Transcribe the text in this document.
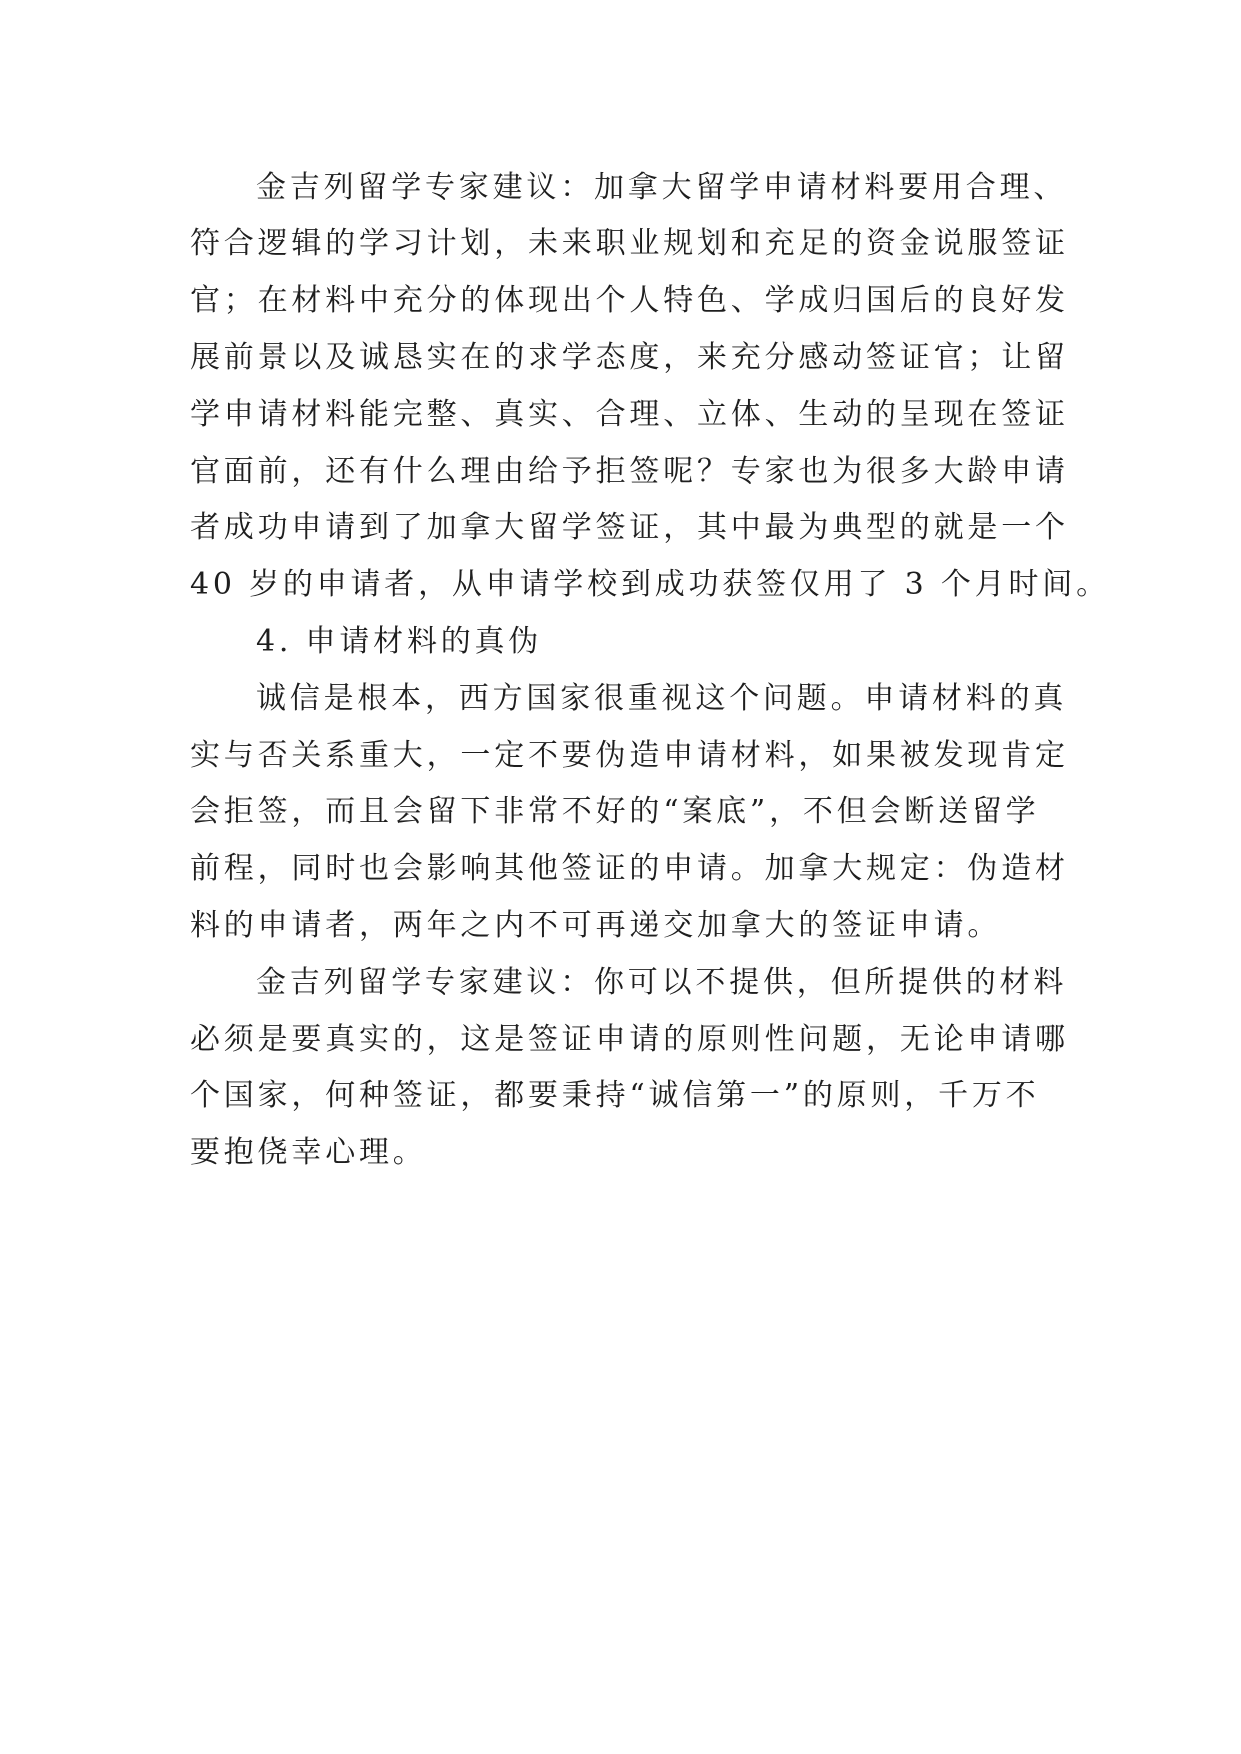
金吉列留学专家建议：加拿大留学申请材料要用合理、
符合逻辑的学习计划，未来职业规划和充足的资金说服签证
官；在材料中充分的体现出个人特色、学成归国后的良好发
展前景以及诚恳实在的求学态度，来充分感动签证官；让留
学申请材料能完整、真实、合理、立体、生动的呈现在签证
官面前，还有什么理由给予拒签呢？专家也为很多大龄申请
者成功申请到了加拿大留学签证，其中最为典型的就是一个
40 岁的申请者，从申请学校到成功获签仅用了 3 个月时间。
4. 申请材料的真伪
诚信是根本，西方国家很重视这个问题。申请材料的真
实与否关系重大，一定不要伪造申请材料，如果被发现肯定
会拒签，而且会留下非常不好的“案底”，不但会断送留学
前程，同时也会影响其他签证的申请。加拿大规定：伪造材
料的申请者，两年之内不可再递交加拿大的签证申请。
金吉列留学专家建议：你可以不提供，但所提供的材料
必须是要真实的，这是签证申请的原则性问题，无论申请哪
个国家，何种签证，都要秉持“诚信第一”的原则，千万不
要抱侥幸心理。
